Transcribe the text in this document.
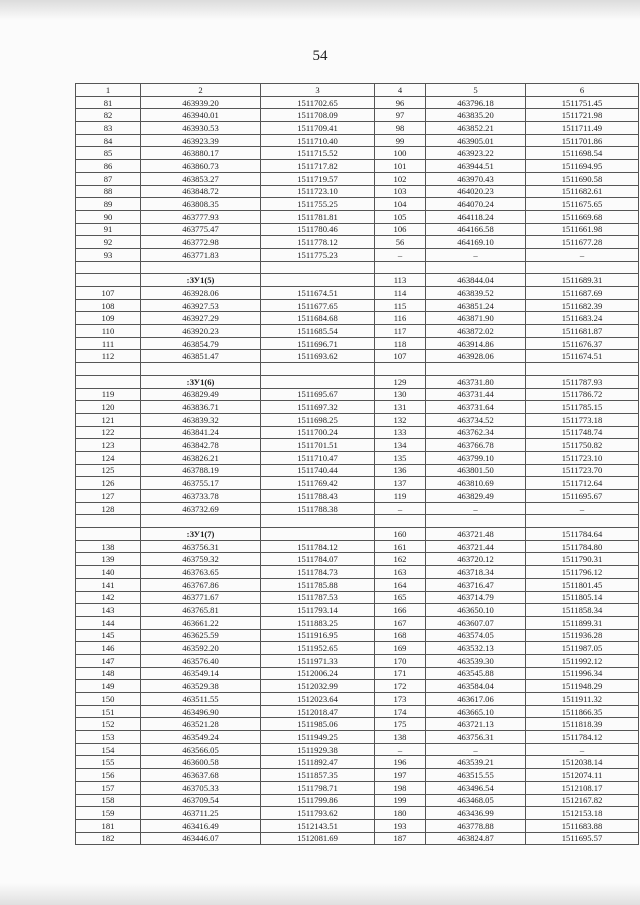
54
1	2	3	4	5	6
81	463939.20	1511702.65	96	463796.18	1511751.45
82	463940.01	1511708.09	97	463835.20	1511721.98
83	463930.53	1511709.41	98	463852.21	1511711.49
84	463923.39	1511710.40	99	463905.01	1511701.86
85	463880.17	1511715.52	100	463923.22	1511698.54
86	463860.73	1511717.82	101	463944.51	1511694.95
87	463853.27	1511719.57	102	463970.43	1511690.58
88	463848.72	1511723.10	103	464020.23	1511682.61
89	463808.35	1511755.25	104	464070.24	1511675.65
90	463777.93	1511781.81	105	464118.24	1511669.68
91	463775.47	1511780.46	106	464166.58	1511661.98
92	463772.98	1511778.12	56	464169.10	1511677.28
93	463771.83	1511775.23	–	–	–

	:ЗУ1(5)		113	463844.04	1511689.31
107	463928.06	1511674.51	114	463839.52	1511687.69
108	463927.53	1511677.65	115	463851.24	1511682.39
109	463927.29	1511684.68	116	463871.90	1511683.24
110	463920.23	1511685.54	117	463872.02	1511681.87
111	463854.79	1511696.71	118	463914.86	1511676.37
112	463851.47	1511693.62	107	463928.06	1511674.51

	:ЗУ1(6)		129	463731.80	1511787.93
119	463829.49	1511695.67	130	463731.44	1511786.72
120	463836.71	1511697.32	131	463731.64	1511785.15
121	463839.32	1511698.25	132	463734.52	1511773.18
122	463841.24	1511700.24	133	463762.34	1511748.74
123	463842.78	1511701.51	134	463766.78	1511750.82
124	463826.21	1511710.47	135	463799.10	1511723.10
125	463788.19	1511740.44	136	463801.50	1511723.70
126	463755.17	1511769.42	137	463810.69	1511712.64
127	463733.78	1511788.43	119	463829.49	1511695.67
128	463732.69	1511788.38	–	–	–

	:ЗУ1(7)		160	463721.48	1511784.64
138	463756.31	1511784.12	161	463721.44	1511784.80
139	463759.32	1511784.07	162	463720.12	1511790.31
140	463763.65	1511784.73	163	463718.34	1511796.12
141	463767.86	1511785.88	164	463716.47	1511801.45
142	463771.67	1511787.53	165	463714.79	1511805.14
143	463765.81	1511793.14	166	463650.10	1511858.34
144	463661.22	1511883.25	167	463607.07	1511899.31
145	463625.59	1511916.95	168	463574.05	1511936.28
146	463592.20	1511952.65	169	463532.13	1511987.05
147	463576.40	1511971.33	170	463539.30	1511992.12
148	463549.14	1512006.24	171	463545.88	1511996.34
149	463529.38	1512032.99	172	463584.04	1511948.29
150	463511.55	1512023.64	173	463617.06	1511911.32
151	463496.90	1512018.47	174	463665.10	1511866.35
152	463521.28	1511985.06	175	463721.13	1511818.39
153	463549.24	1511949.25	138	463756.31	1511784.12
154	463566.05	1511929.38	–	–	–
155	463600.58	1511892.47	196	463539.21	1512038.14
156	463637.68	1511857.35	197	463515.55	1512074.11
157	463705.33	1511798.71	198	463496.54	1512108.17
158	463709.54	1511799.86	199	463468.05	1512167.82
159	463711.25	1511793.62	180	463436.99	1512153.18
181	463416.49	1512143.51	193	463778.88	1511683.88
182	463446.07	1512081.69	187	463824.87	1511695.57
